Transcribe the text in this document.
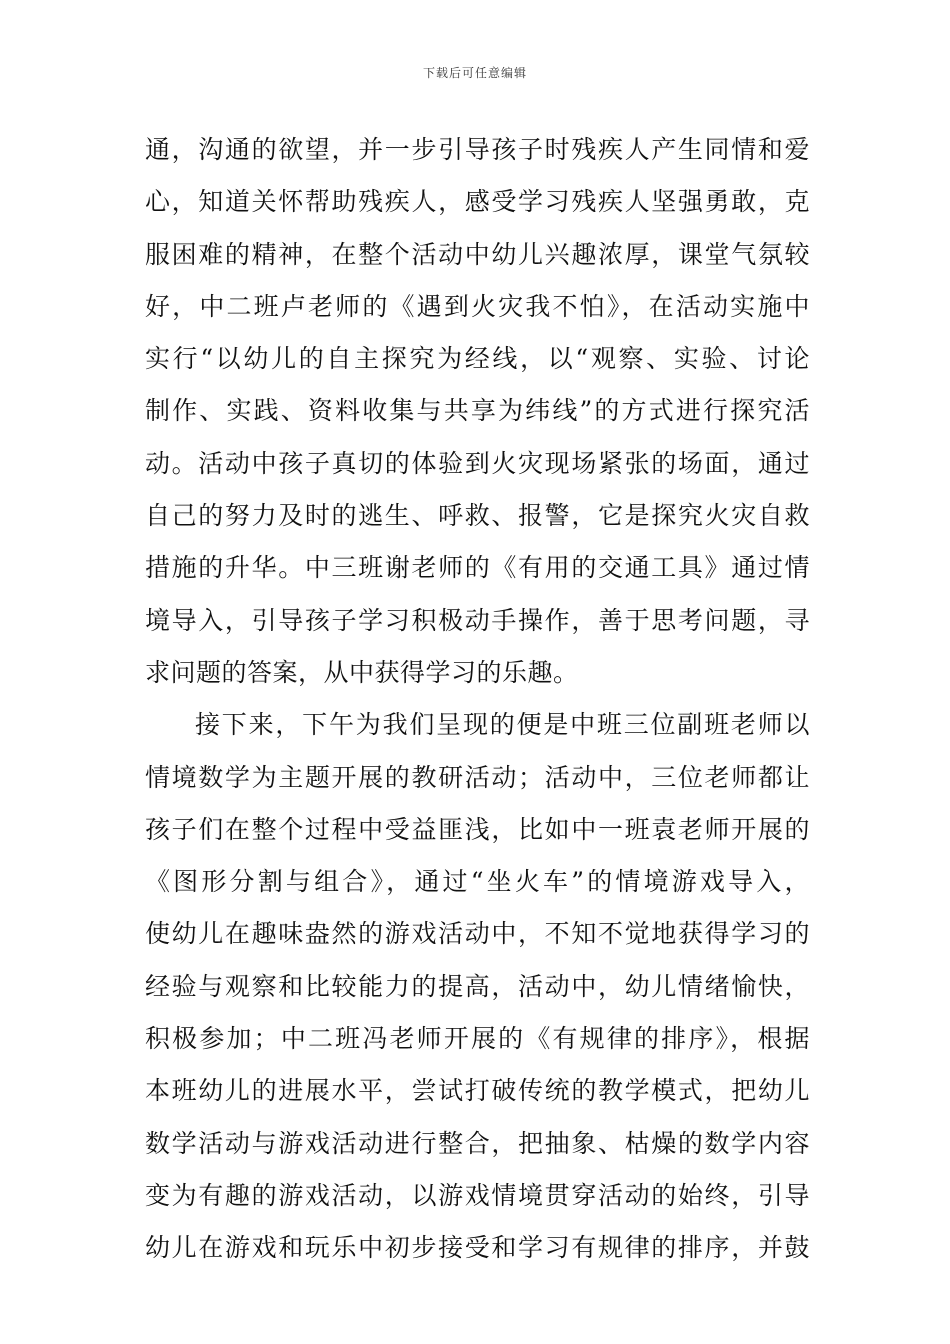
下载后可任意编辑
通，沟通的欲望，并一步引导孩子时残疾人产生同情和爱
心，知道关怀帮助残疾人，感受学习残疾人坚强勇敢，克
服困难的精神，在整个活动中幼儿兴趣浓厚，课堂气氛较
好，中二班卢老师的《遇到火灾我不怕》，在活动实施中
实行“以幼儿的自主探究为经线，以“观察、实验、讨论
制作、实践、资料收集与共享为纬线”的方式进行探究活
动。活动中孩子真切的体验到火灾现场紧张的场面，通过
自己的努力及时的逃生、呼救、报警，它是探究火灾自救
措施的升华。中三班谢老师的《有用的交通工具》通过情
境导入，引导孩子学习积极动手操作，善于思考问题，寻
求问题的答案，从中获得学习的乐趣。
接下来，下午为我们呈现的便是中班三位副班老师以
情境数学为主题开展的教研活动；活动中，三位老师都让
孩子们在整个过程中受益匪浅，比如中一班袁老师开展的
《图形分割与组合》，通过“坐火车”的情境游戏导入，
使幼儿在趣味盎然的游戏活动中，不知不觉地获得学习的
经验与观察和比较能力的提高，活动中，幼儿情绪愉快，
积极参加；中二班冯老师开展的《有规律的排序》，根据
本班幼儿的进展水平，尝试打破传统的教学模式，把幼儿
数学活动与游戏活动进行整合，把抽象、枯燥的数学内容
变为有趣的游戏活动，以游戏情境贯穿活动的始终，引导
幼儿在游戏和玩乐中初步接受和学习有规律的排序，并鼓
